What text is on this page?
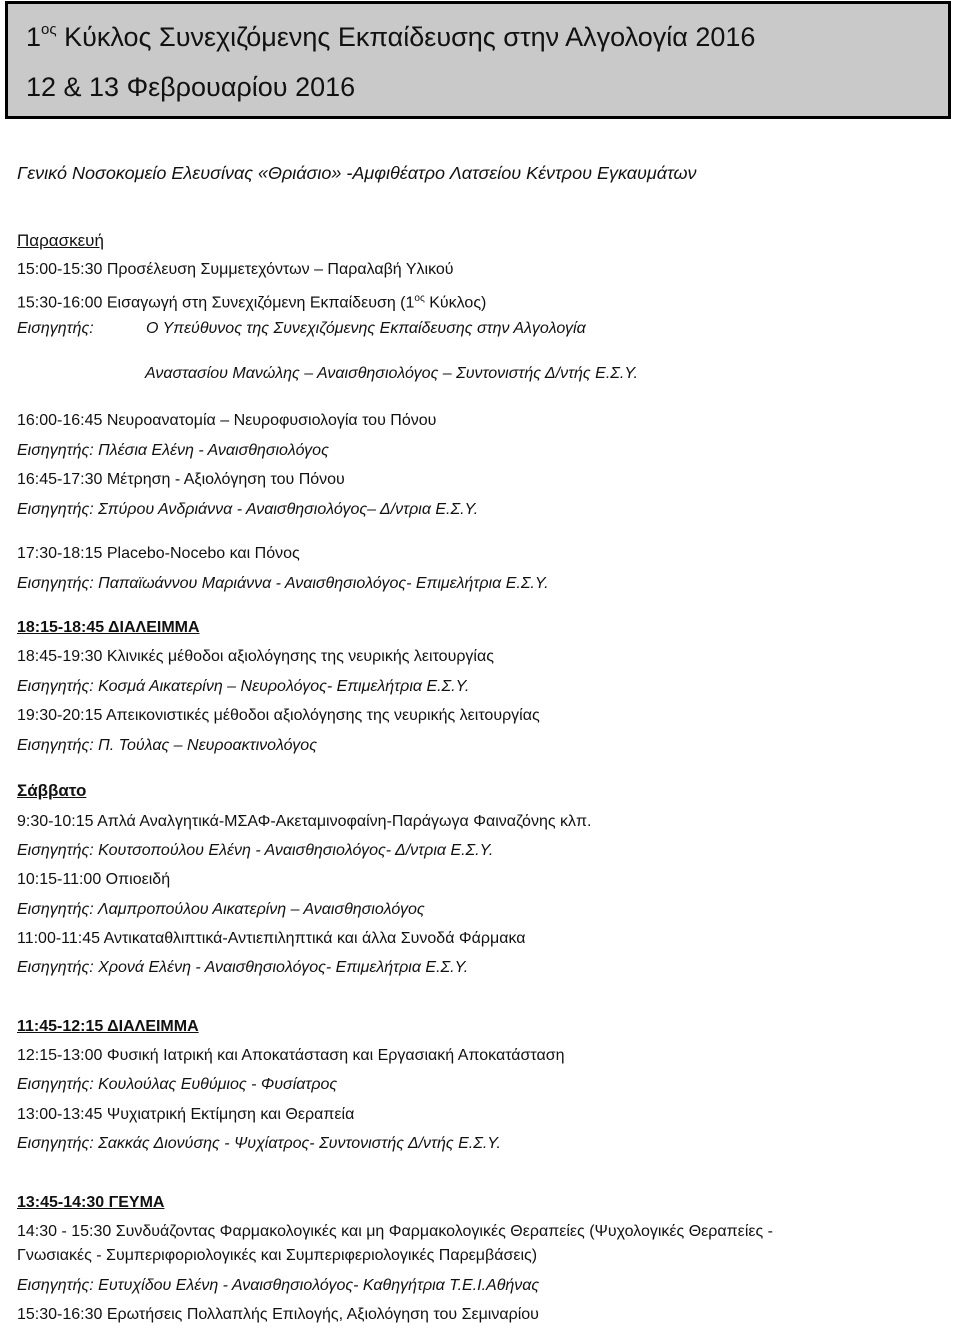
$1^{o\varsigma}$ Κύκλος Συνεχιζόμενης Εκπαίδευσης στην Αλγολογία 2016
12 & 13 Φεβρουαρίου 2016
Γενικό Νοσοκομείο Ελευσίνας «Θριάσιο» -Αμφιθέατρο Λατσείου Κέντρου Εγκαυμάτων
Παρασκευή
15:00-15:30 Προσέλευση Συμμετεχόντων – Παραλαβή Υλικού
15:30-16:00 Εισαγωγή στη Συνεχιζόμενη Εκπαίδευση ($1^{o\varsigma}$ Κύκλος)
Εισηγητής:	Ο Υπεύθυνος της Συνεχιζόμενης Εκπαίδευσης στην Αλγολογία
Αναστασίου Μανώλης – Αναισθησιολόγος – Συντονιστής Δ/ντής Ε.Σ.Υ.
16:00-16:45 Νευροανατομία – Νευροφυσιολογία του Πόνου
Εισηγητής: Πλέσια Ελένη - Αναισθησιολόγος
16:45-17:30 Μέτρηση - Αξιολόγηση του Πόνου
Εισηγητής: Σπύρου Ανδριάννα - Αναισθησιολόγος– Δ/ντρια Ε.Σ.Υ.
17:30-18:15 Placebo-Nocebo και Πόνος
Εισηγητής: Παπαϊωάννου Μαριάννα - Αναισθησιολόγος- Επιμελήτρια Ε.Σ.Υ.
18:15-18:45 ΔΙΑΛΕΙΜΜΑ
18:45-19:30 Κλινικές μέθοδοι αξιολόγησης της νευρικής λειτουργίας
Εισηγητής: Κοσμά Αικατερίνη – Νευρολόγος- Επιμελήτρια Ε.Σ.Υ.
19:30-20:15 Απεικονιστικές μέθοδοι αξιολόγησης της νευρικής λειτουργίας
Εισηγητής: Π. Τούλας – Νευροακτινολόγος
Σάββατο
9:30-10:15 Απλά Αναλγητικά-ΜΣΑΦ-Ακεταμινοφαίνη-Παράγωγα Φαιναζόνης κλπ.
Εισηγητής: Κουτσοπούλου Ελένη - Αναισθησιολόγος- Δ/ντρια Ε.Σ.Υ.
10:15-11:00 Οπιοειδή
Εισηγητής: Λαμπροπούλου Αικατερίνη – Αναισθησιολόγος
11:00-11:45 Αντικαταθλιπτικά-Αντιεπιληπτικά και άλλα Συνοδά Φάρμακα
Εισηγητής: Χρονά Ελένη - Αναισθησιολόγος- Επιμελήτρια Ε.Σ.Υ.
11:45-12:15 ΔΙΑΛΕΙΜΜΑ
12:15-13:00 Φυσική Ιατρική και Αποκατάσταση και Εργασιακή Αποκατάσταση
Εισηγητής: Κουλούλας Ευθύμιος - Φυσίατρος
13:00-13:45 Ψυχιατρική Εκτίμηση και Θεραπεία
Εισηγητής: Σακκάς Διονύσης - Ψυχίατρος- Συντονιστής Δ/ντής Ε.Σ.Υ.
13:45-14:30 ΓΕΥΜΑ
14:30 - 15:30 Συνδυάζοντας Φαρμακολογικές και μη Φαρμακολογικές Θεραπείες (Ψυχολογικές Θεραπείες -
Γνωσιακές - Συμπεριφοριολογικές και Συμπεριφεριολογικές Παρεμβάσεις)
Εισηγητής: Ευτυχίδου Ελένη - Αναισθησιολόγος- Καθηγήτρια Τ.Ε.Ι.Αθήνας
15:30-16:30 Ερωτήσεις Πολλαπλής Επιλογής, Αξιολόγηση του Σεμιναρίου
